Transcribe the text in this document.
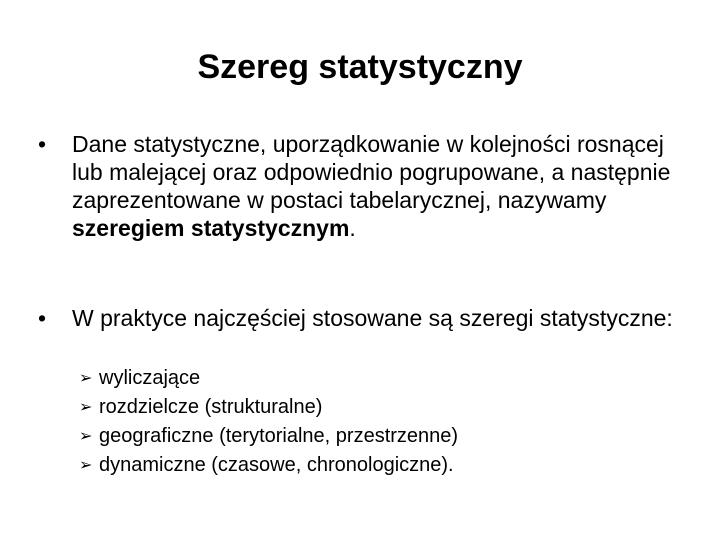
Szereg statystyczny
•	Dane statystyczne, uporządkowanie w kolejności rosnącej lub malejącej oraz odpowiednio pogrupowane, a następnie zaprezentowane w postaci tabelarycznej, nazywamy szeregiem statystycznym.
•	W praktyce najczęściej stosowane są szeregi statystyczne:
➢ wyliczające
➢ rozdzielcze (strukturalne)
➢ geograficzne (terytorialne, przestrzenne)
➢ dynamiczne (czasowe, chronologiczne).
